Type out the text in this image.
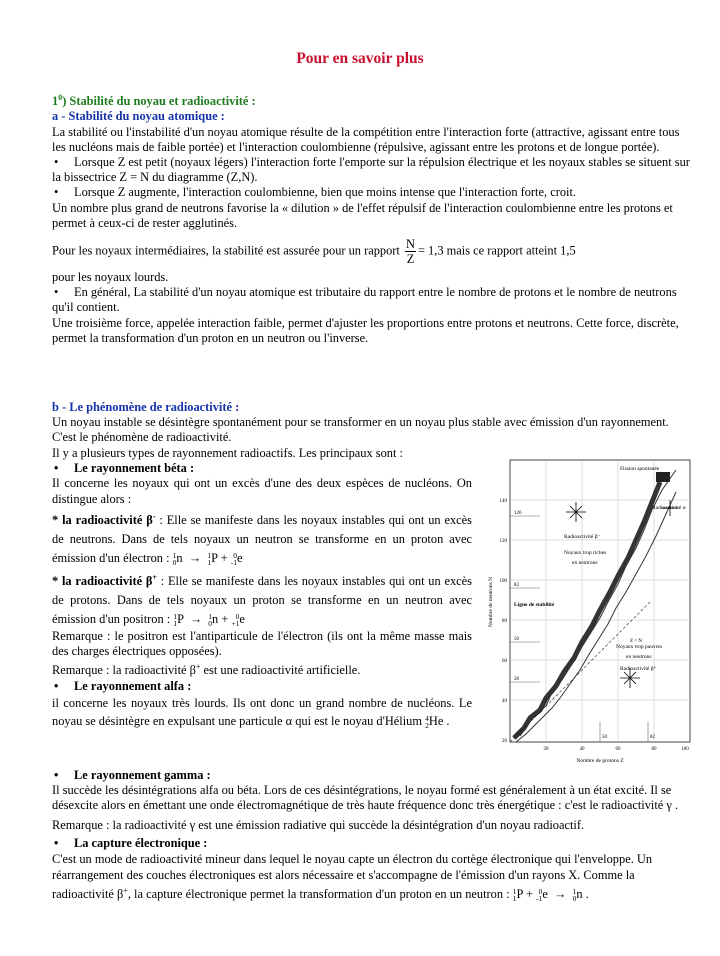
Pour en savoir plus

$1^0$) Stabilité du noyau et radioactivité :

a - Stabilité du noyau atomique :

La stabilité ou l'instabilité d'un noyau atomique résulte de la compétition entre l'interaction forte (attractive, agissant entre tous les nucléons mais de faible portée) et l'interaction coulombienne (répulsive, agissant entre les protons et de longue portée).

• Lorsque Z est petit (noyaux légers) l'interaction forte l'emporte sur la répulsion électrique et les noyaux stables se situent sur la bissectrice Z = N du diagramme (Z,N).

• Lorsque Z augmente, l'interaction coulombienne, bien que moins intense que l'interaction forte, croit.

Un nombre plus grand de neutrons favorise la « dilution » de l'effet répulsif de l'interaction coulombienne entre les protons et permet à ceux-ci de rester agglutinés.

Pour les noyaux intermédiaires, la stabilité est assurée pour un rapport $\frac{N}{Z} = 1,3$ mais ce rapport atteint 1,5

pour les noyaux lourds.

• En général, La stabilité d'un noyau atomique est tributaire du rapport entre le nombre de protons et le nombre de neutrons qu'il contient.

Une troisième force, appelée interaction faible, permet d'ajuster les proportions entre protons et neutrons. Cette force, discrète, permet la transformation d'un proton en un neutron ou l'inverse.

b - Le phénomène de radioactivité :

Un noyau instable se désintègre spontanément pour se transformer en un noyau plus stable avec émission d'un rayonnement. C'est le phénomène de radioactivité.

Il y a plusieurs types de rayonnement radioactifs. Les principaux sont :

• Le rayonnement béta :

Il concerne les noyaux qui ont un excès d'une des deux espèces de nucléons. On distingue alors :

* la radioactivité β- : Elle se manifeste dans les noyaux instables qui ont un excès de neutrons. Dans de tels noyaux un neutron se transforme en un proton avec émission d'un électron : 1
0n  →  1
1P + 0
-1e

* la radioactivité β+ : Elle se manifeste dans les noyaux instables qui ont un excès de protons. Dans de tels noyaux un proton se transforme en un neutron avec émission d'un positron : 1
1P  →  1
0n + 0
+1e

Remarque : le positron est l'antiparticule de l'électron (ils ont la même masse mais des charges électriques opposées).

Remarque : la radioactivité β+ est une radioactivité artificielle.

• Le rayonnement alfa :

il concerne les noyaux très lourds. Ils ont donc un grand nombre de nucléons. Le noyau se désintègre en expulsant une particule α qui est le noyau d'Hélium 4
2He .

Fission spontanée
Radioactivité α
Radioactivité β⁻
Noyaux trop riches
en neutrons
Ligne de stabilité
Noyaux trop pauvres
en neutrons
Radioactivité β⁺
Z = N
126
82
50
28
50	82
140
120
100
80
60
40
20
20	40	60	80	100
Nombre de protons Z
Nombre de neutrons N

• Le rayonnement gamma :

Il succède les désintégrations alfa ou béta. Lors de ces désintégrations, le noyau formé est généralement à un état excité. Il se désexcite alors en émettant une onde électromagnétique de très haute fréquence donc très énergétique : c'est le radioactivité γ .

Remarque : la radioactivité γ est une émission radiative qui succède la désintégration d'un noyau radioactif.

• La capture électronique :

C'est un mode de radioactivité mineur dans lequel le noyau capte un électron du cortège électronique qui l'enveloppe. Un réarrangement des couches électroniques est alors nécessaire et s'accompagne de l'émission d'un rayons X. Comme la radioactivité β+, la capture électronique permet la transformation d'un proton en un neutron : 1
1P + 0
-1e  →  1
0n .
